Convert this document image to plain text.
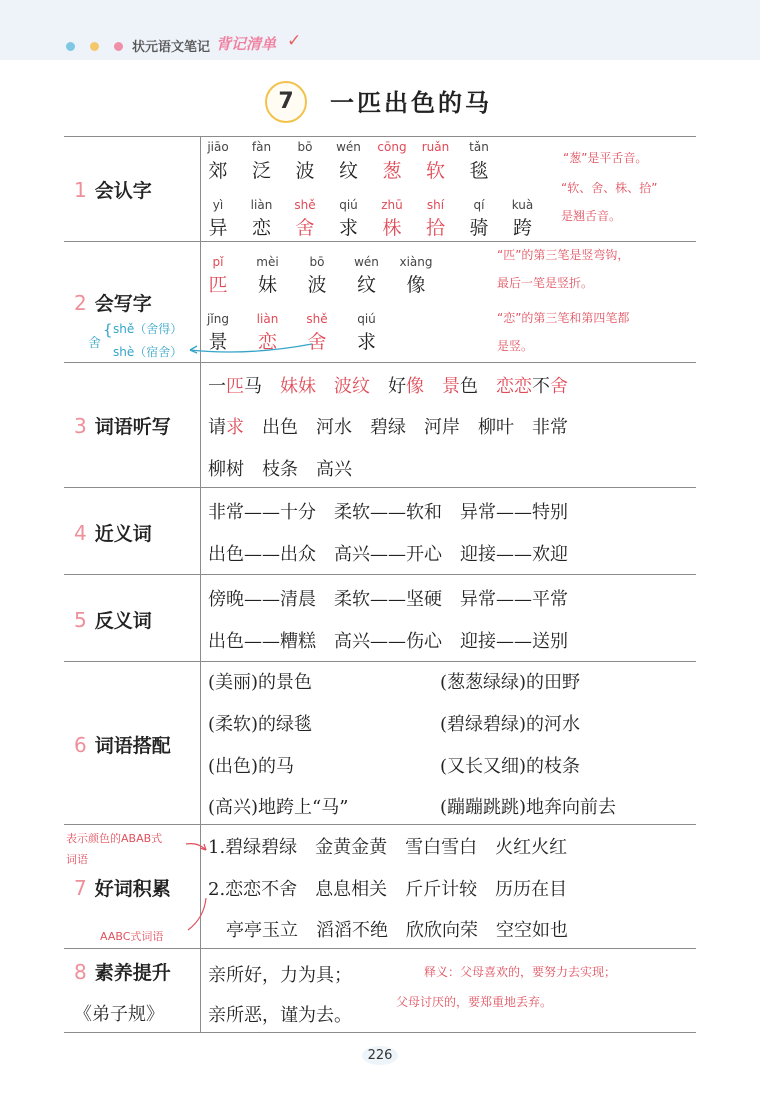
状元语文笔记 背记清单 ✓
7	一匹出色的马
1 会认字
2 会写字
3 词语听写
4 近义词
5 反义词
6 词语搭配
7 好词积累
8 素养提升
《弟子规》
jiāo
郊
fàn
泛
bō
波
wén
纹
cōng
葱
ruǎn
软
tǎn
毯
yì
异
liàn
恋
shě
舍
qiú
求
zhū
株
shí
拾
qí
骑
kuà
跨
“葱”是平舌音。
“软、舍、株、拾”
是翘舌音。
pǐ
匹
mèi
妹
bō
波
wén
纹
xiàng
像
jǐng
景
liàn
恋
shě
舍
qiú
求
“匹”的第三笔是竖弯钩，
最后一笔是竖折。
“恋”的第三笔和第四笔都
是竖。
舍
{ shě（舍得）
shè（宿舍）
一匹马　 妹妹　 波纹　 好像　 景色　 恋恋不舍
请求　出色　河水　碧绿　河岸　柳叶　非常
柳树　枝条　高兴
非常——十分　柔软——软和　异常——特别
出色——出众　高兴——开心　迎接——欢迎
傍晚——清晨　柔软——坚硬　异常——平常
出色——糟糕　高兴——伤心　迎接——送别
(美丽)的景色
(柔软)的绿毯
(出色)的马
(高兴)地跨上“马”
(葱葱绿绿)的田野
(碧绿碧绿)的河水
(又长又细)的枝条
(蹦蹦跳跳)地奔向前去
1.碧绿碧绿　金黄金黄　雪白雪白　火红火红
2.恋恋不舍　息息相关　斤斤计较　历历在目
亭亭玉立　滔滔不绝　欣欣向荣　空空如也
表示颜色的ABAB式
词语
AABC式词语
亲所好，力为具；
亲所恶，谨为去。
释义：父母喜欢的，要努力去实现；
父母讨厌的，要郑重地丢弃。
226
